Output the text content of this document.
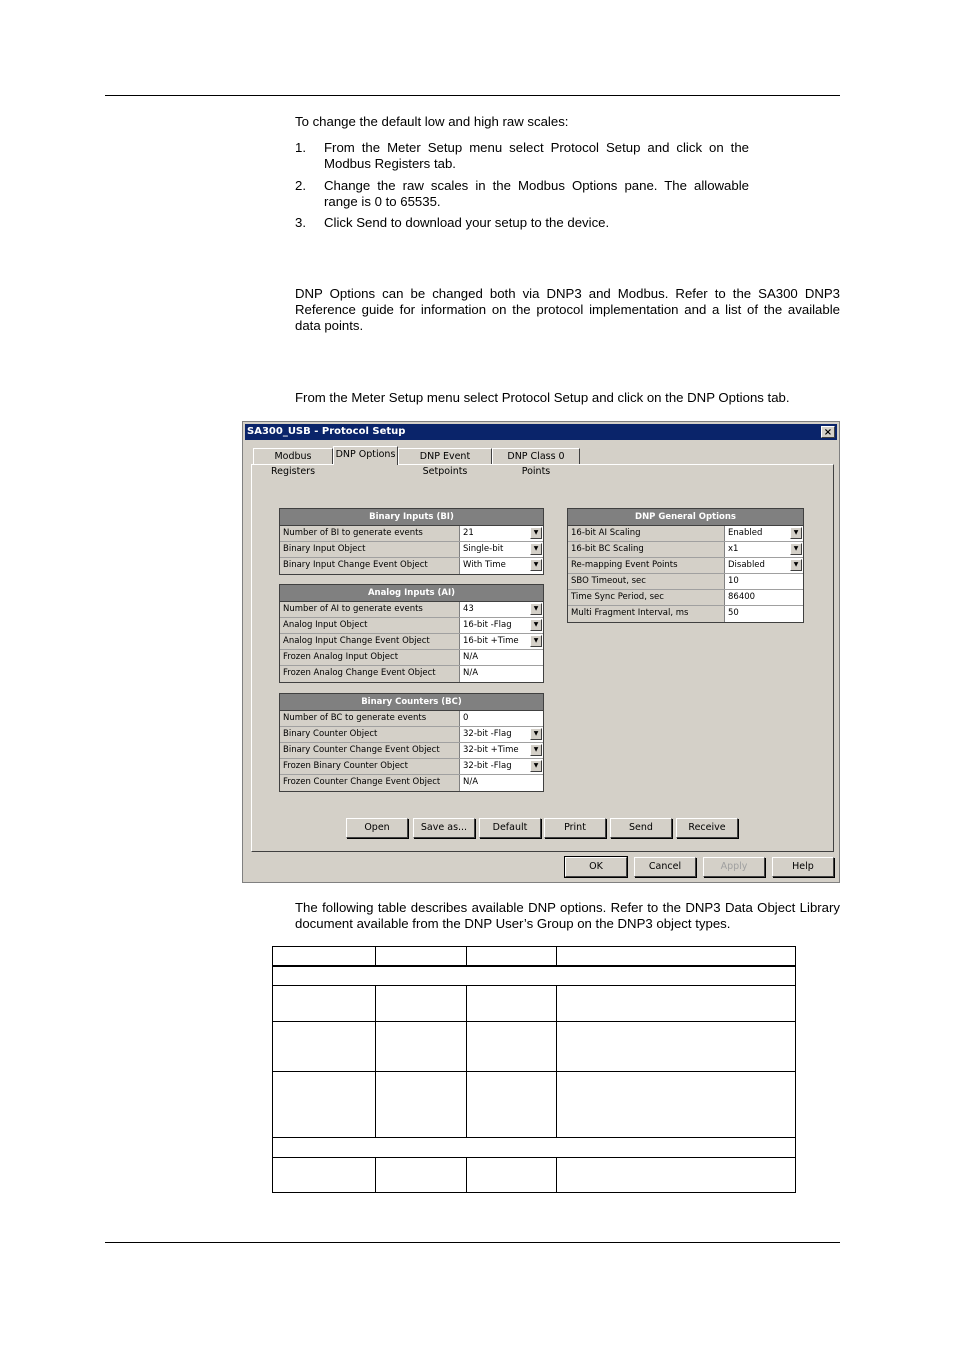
To change the default low and high raw scales:
1. From the Meter Setup menu select Protocol Setup and click on the Modbus Registers tab.
2. Change the raw scales in the Modbus Options pane. The allowable range is 0 to 65535.
3. Click Send to download your setup to the device.
DNP Options can be changed both via DNP3 and Modbus. Refer to the SA300 DNP3 Reference guide for information on the protocol implementation and a list of the available data points.
From the Meter Setup menu select Protocol Setup and click on the DNP Options tab.
SA300_USB - Protocol Setup	×
Modbus Registers
DNP Options	DNP Event Setpoints
DNP Class 0 Points
Binary Inputs (BI)
Number of BI to generate events	21	▼
Binary Input Object	Single-bit	▼
Binary Input Change Event Object	With Time	▼
Analog Inputs (AI)
Number of AI to generate events	43	▼
Analog Input Object	16-bit -Flag	▼
Analog Input Change Event Object	16-bit +Time	▼
Frozen Analog Input Object	N/A
Frozen Analog Change Event Object	N/A
Binary Counters (BC)
Number of BC to generate events	0
Binary Counter Object	32-bit -Flag	▼
Binary Counter Change Event Object	32-bit +Time	▼
Frozen Binary Counter Object	32-bit -Flag	▼
Frozen Counter Change Event Object	N/A
DNP General Options
16-bit AI Scaling	Enabled	▼
16-bit BC Scaling	x1	▼
Re-mapping Event Points	Disabled	▼
SBO Timeout, sec	10
Time Sync Period, sec	86400
Multi Fragment Interval, ms	50
Open	Save as...	Default	Print	Send	Receive
OK	Cancel	Apply	Help
The following table describes available DNP options. Refer to the DNP3 Data Object Library document available from the DNP User’s Group on the DNP3 object types.
